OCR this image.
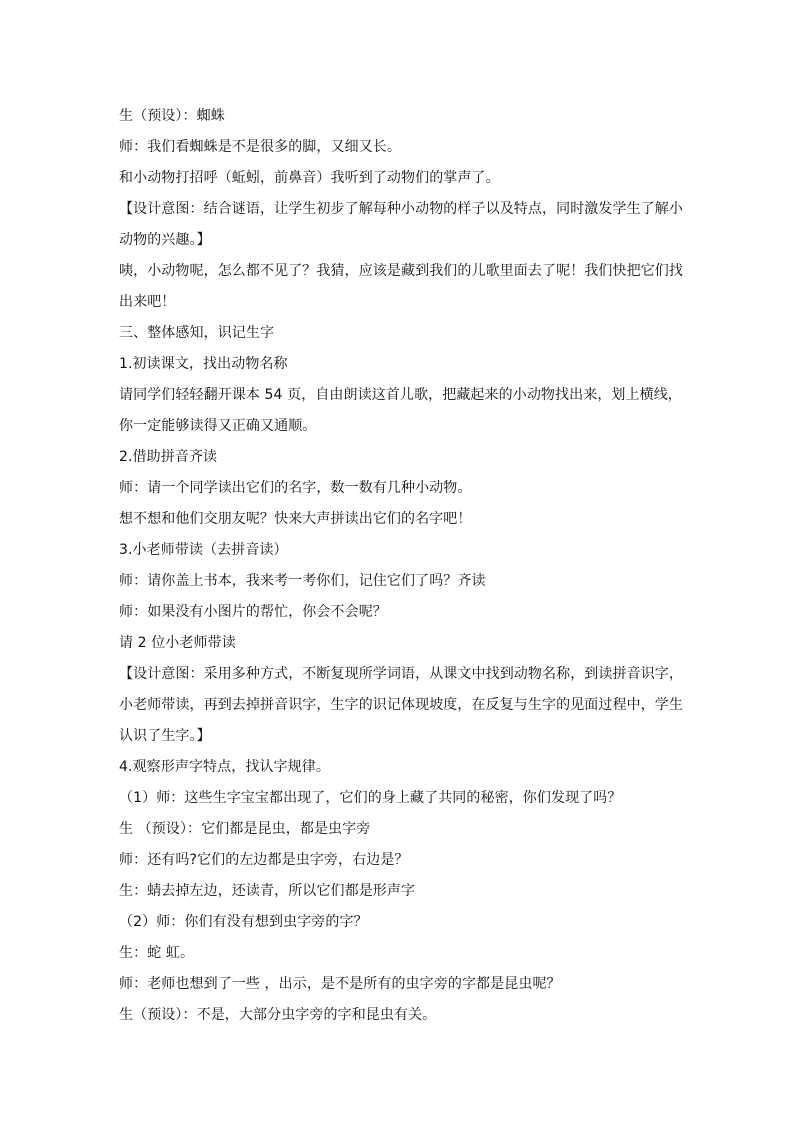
生（预设）：蜘蛛
师：我们看蜘蛛是不是很多的脚，又细又长。
和小动物打招呼（蚯蚓，前鼻音）我听到了动物们的掌声了。
【设计意图：结合谜语，让学生初步了解每种小动物的样子以及特点，同时激发学生了解小
动物的兴趣。】
咦，小动物呢，怎么都不见了？我猜，应该是藏到我们的儿歌里面去了呢！我们快把它们找
出来吧！
三、整体感知，识记生字
1.初读课文，找出动物名称
请同学们轻轻翻开课本 54 页，自由朗读这首儿歌，把藏起来的小动物找出来，划上横线，
你一定能够读得又正确又通顺。
2.借助拼音齐读
师：请一个同学读出它们的名字，数一数有几种小动物。
想不想和他们交朋友呢？快来大声拼读出它们的名字吧！
3.小老师带读（去拼音读）
师：请你盖上书本，我来考一考你们，记住它们了吗？齐读
师：如果没有小图片的帮忙，你会不会呢？
请 2 位小老师带读
【设计意图：采用多种方式，不断复现所学词语，从课文中找到动物名称，到读拼音识字，
小老师带读，再到去掉拼音识字，生字的识记体现坡度，在反复与生字的见面过程中，学生
认识了生字。】
4.观察形声字特点，找认字规律。
（1）师：这些生字宝宝都出现了，它们的身上藏了共同的秘密，你们发现了吗？
生 （预设）：它们都是昆虫，都是虫字旁
师：还有吗?它们的左边都是虫字旁，右边是？
生：蜻去掉左边，还读青，所以它们都是形声字
（2）师：你们有没有想到虫字旁的字？
生：蛇 虹。
师：老师也想到了一些 ，出示，是不是所有的虫字旁的字都是昆虫呢？
生（预设）：不是，大部分虫字旁的字和昆虫有关。
